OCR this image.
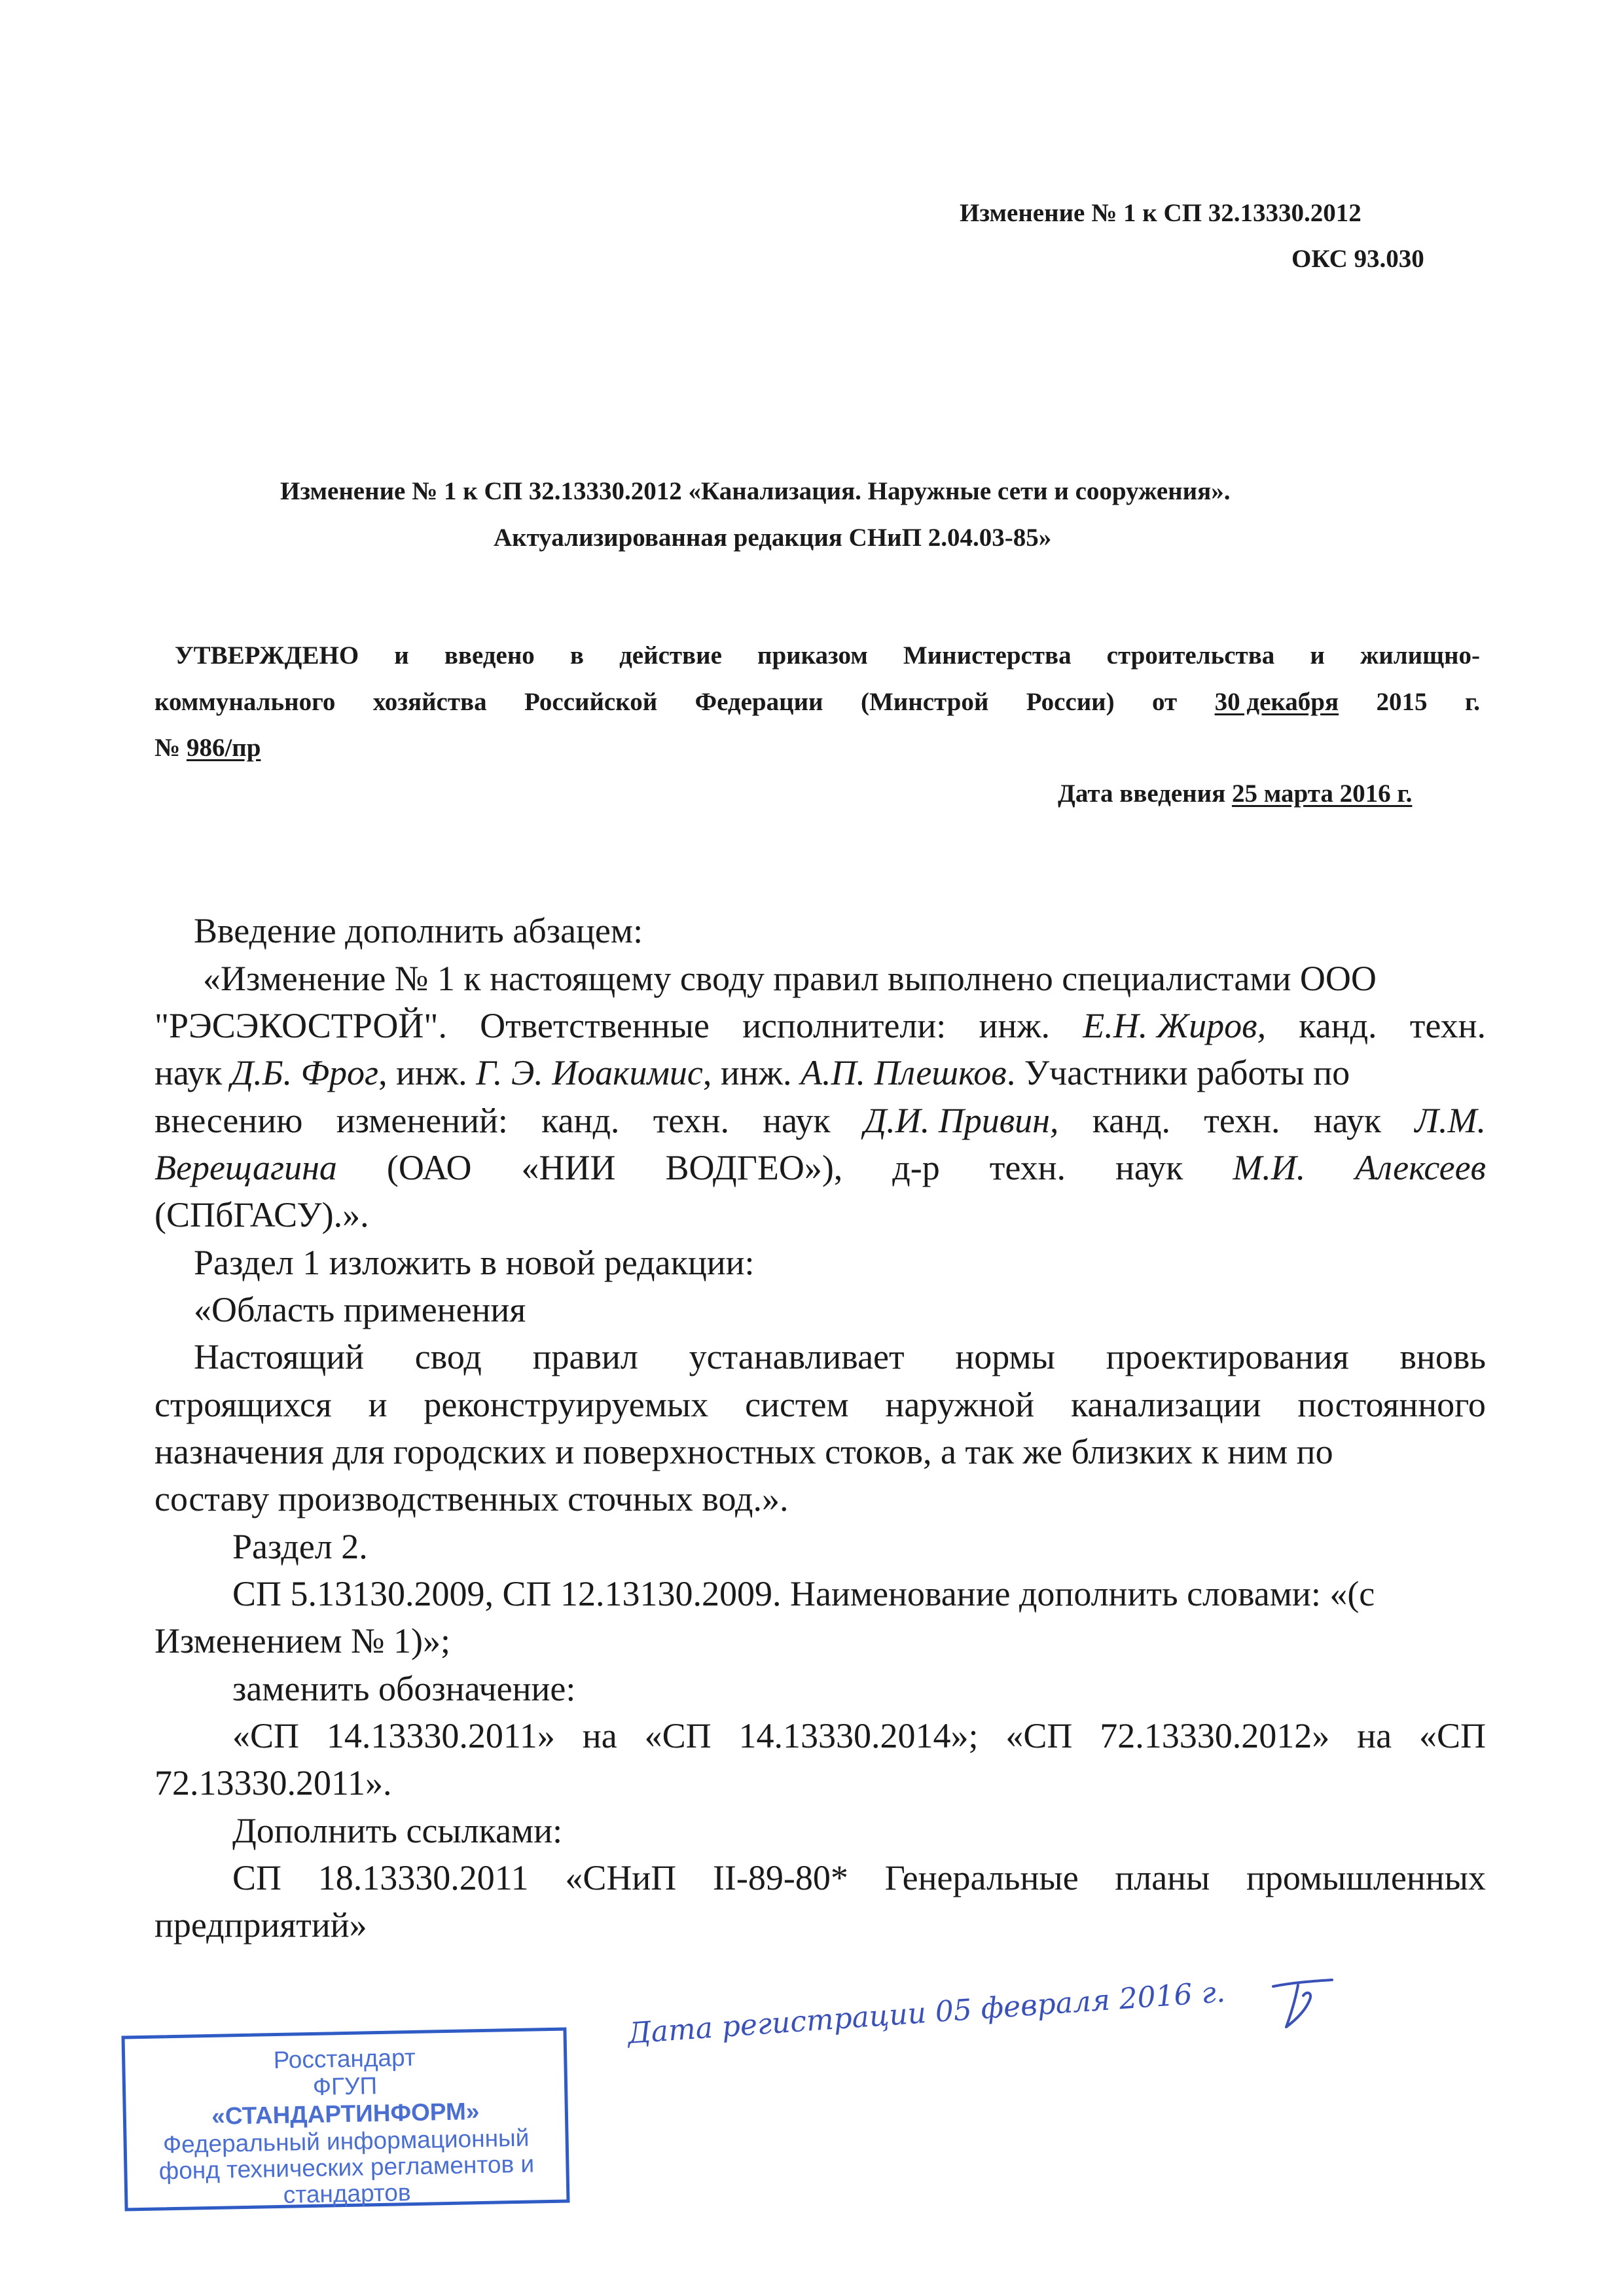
Изменение № 1 к СП 32.13330.2012
ОКС 93.030
Изменение № 1 к СП 32.13330.2012 «Канализация. Наружные сети и сооружения».
Актуализированная редакция СНиП 2.04.03-85»
УТВЕРЖДЕНО и введено в действие приказом Министерства строительства и жилищно-
коммунального хозяйства Российской Федерации (Минстрой России) от 30 декабря 2015 г.
№ 986/пр
Дата введения 25 марта 2016 г.
Введение дополнить абзацем:
«Изменение № 1 к настоящему своду правил выполнено специалистами ООО
"РЭСЭКОСТРОЙ". Ответственные исполнители: инж. Е.Н. Жиров, канд. техн.
наук Д.Б. Фрог, инж. Г. Э. Иоакимис, инж. А.П. Плешков. Участники работы по
внесению изменений: канд. техн. наук Д.И. Привин, канд. техн. наук Л.М.
Верещагина (ОАО «НИИ ВОДГЕО»), д-р техн. наук М.И. Алексеев
(СПбГАСУ).».
Раздел 1 изложить в новой редакции:
«Область применения
Настоящий свод правил устанавливает нормы проектирования вновь
строящихся и реконструируемых систем наружной канализации постоянного
назначения для городских и поверхностных стоков, а так же близких к ним по
составу производственных сточных вод.».
Раздел 2.
СП 5.13130.2009, СП 12.13130.2009. Наименование дополнить словами: «(с
Изменением № 1)»;
заменить обозначение:
«СП 14.13330.2011» на «СП 14.13330.2014»; «СП 72.13330.2012» на «СП
72.13330.2011».
Дополнить ссылками:
СП 18.13330.2011 «СНиП II-89-80* Генеральные планы промышленных
предприятий»
Росстандарт
ФГУП
«СТАНДАРТИНФОРМ»
Федеральный информационный
фонд технических регламентов и
стандартов
Дата регистрации 05 февраля 2016 г.
